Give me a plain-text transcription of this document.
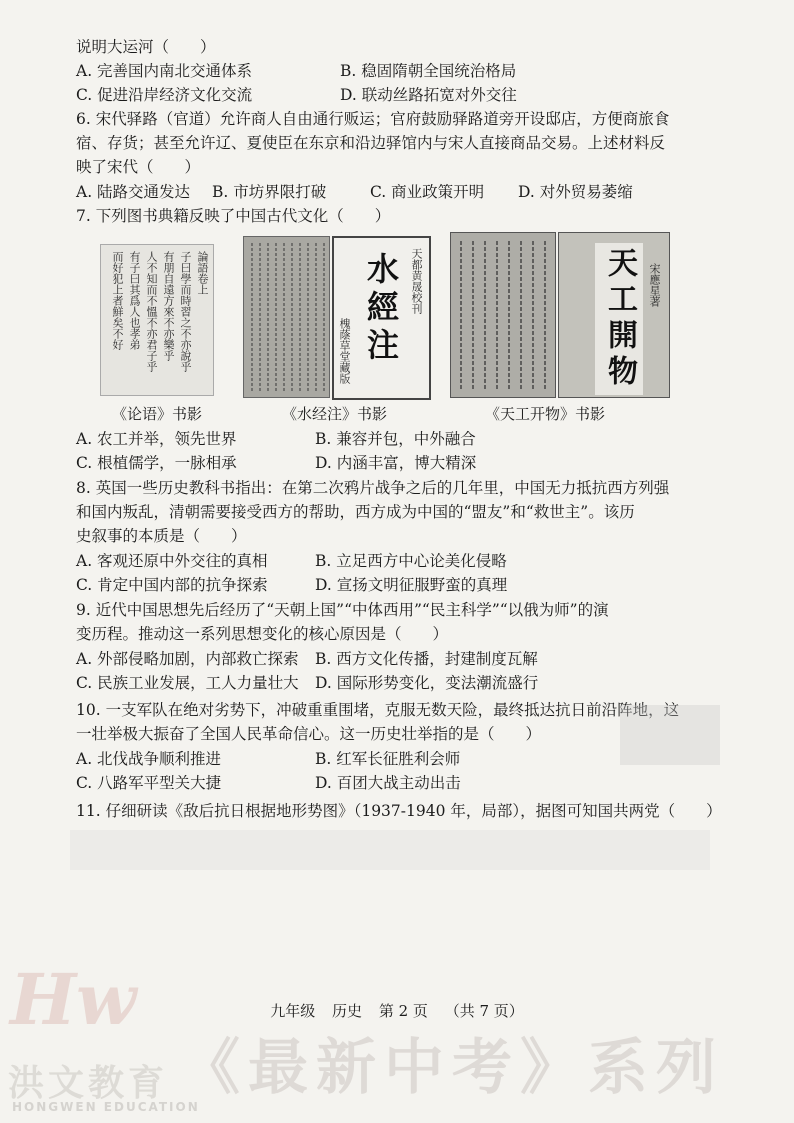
说明大运河（　　）
A. 完善国内南北交通体系	B. 稳固隋朝全国统治格局
C. 促进沿岸经济文化交流	D. 联动丝路拓宽对外交往
6. 宋代驿路（官道）允许商人自由通行贩运；官府鼓励驿路道旁开设邸店，方便商旅食
宿、存货；甚至允许辽、夏使臣在东京和沿边驿馆内与宋人直接商品交易。上述材料反
映了宋代（　　）
A. 陆路交通发达 B. 市坊界限打破	C. 商业政策开明 D. 对外贸易萎缩
7. 下列图书典籍反映了中国古代文化（　　）
論語卷上
子曰學而時習之不亦說乎
有朋自遠方來不亦樂乎
人不知而不慍不亦君子乎
有子曰其爲人也孝弟
而好犯上者鮮矣不好	水經注 天都黄晟校刊
槐蔭草堂藏版	天工開物	宋應星著
《论语》书影	《水经注》书影	《天工开物》书影
A. 农工并举，领先世界	B. 兼容并包，中外融合
C. 根植儒学，一脉相承	D. 内涵丰富，博大精深
8. 英国一些历史教科书指出：在第二次鸦片战争之后的几年里，中国无力抵抗西方列强
和国内叛乱，清朝需要接受西方的帮助，西方成为中国的“盟友”和“救世主”。该历
史叙事的本质是（　　）
A. 客观还原中外交往的真相	B. 立足西方中心论美化侵略
C. 肯定中国内部的抗争探索	D. 宣扬文明征服野蛮的真理
9. 近代中国思想先后经历了“天朝上国”“中体西用”“民主科学”“以俄为师”的演
变历程。推动这一系列思想变化的核心原因是（　　）
A. 外部侵略加剧，内部救亡探索 B. 西方文化传播，封建制度瓦解
C. 民族工业发展，工人力量壮大 D. 国际形势变化，变法潮流盛行
10. 一支军队在绝对劣势下，冲破重重围堵，克服无数天险，最终抵达抗日前沿阵地，这
一壮举极大振奋了全国人民革命信心。这一历史壮举指的是（　　）
A. 北伐战争顺利推进	B. 红军长征胜利会师
C. 八路军平型关大捷	D. 百团大战主动出击
11. 仔细研读《敌后抗日根据地形势图》（1937-1940 年，局部），据图可知国共两党（　　）
Hw
《最新中考》系列
洪文教育
HONGWEN EDUCATION
九年级 历史 第 2 页 （共 7 页）
